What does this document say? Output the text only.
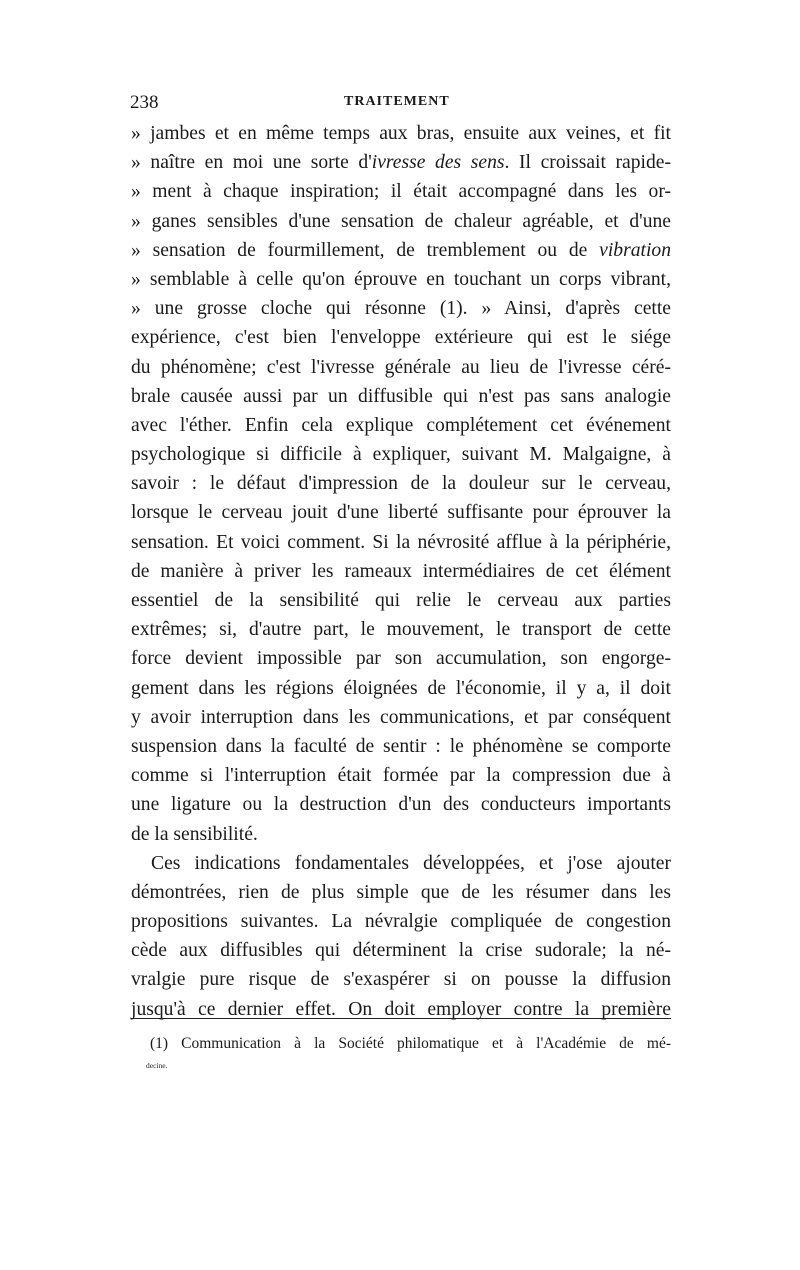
238	TRAITEMENT
» jambes et en même temps aux bras, ensuite aux veines, et fit
» naître en moi une sorte d'ivresse des sens. Il croissait rapide-
» ment à chaque inspiration; il était accompagné dans les or-
» ganes sensibles d'une sensation de chaleur agréable, et d'une
» sensation de fourmillement, de tremblement ou de vibration
» semblable à celle qu'on éprouve en touchant un corps vibrant,
» une grosse cloche qui résonne (1). » Ainsi, d'après cette
expérience, c'est bien l'enveloppe extérieure qui est le siége
du phénomène; c'est l'ivresse générale au lieu de l'ivresse céré-
brale causée aussi par un diffusible qui n'est pas sans analogie
avec l'éther. Enfin cela explique complétement cet événement
psychologique si difficile à expliquer, suivant M. Malgaigne, à
savoir : le défaut d'impression de la douleur sur le cerveau,
lorsque le cerveau jouit d'une liberté suffisante pour éprouver la
sensation. Et voici comment. Si la névrosité afflue à la périphérie,
de manière à priver les rameaux intermédiaires de cet élément
essentiel de la sensibilité qui relie le cerveau aux parties
extrêmes; si, d'autre part, le mouvement, le transport de cette
force devient impossible par son accumulation, son engorge-
gement dans les régions éloignées de l'économie, il y a, il doit
y avoir interruption dans les communications, et par conséquent
suspension dans la faculté de sentir : le phénomène se comporte
comme si l'interruption était formée par la compression due à
une ligature ou la destruction d'un des conducteurs importants
de la sensibilité.
Ces indications fondamentales développées, et j'ose ajouter
démontrées, rien de plus simple que de les résumer dans les
propositions suivantes. La névralgie compliquée de congestion
cède aux diffusibles qui déterminent la crise sudorale; la né-
vralgie pure risque de s'exaspérer si on pousse la diffusion
jusqu'à ce dernier effet. On doit employer contre la première
(1) Communication à la Société philomatique et à l'Académie de mé-
decine.
